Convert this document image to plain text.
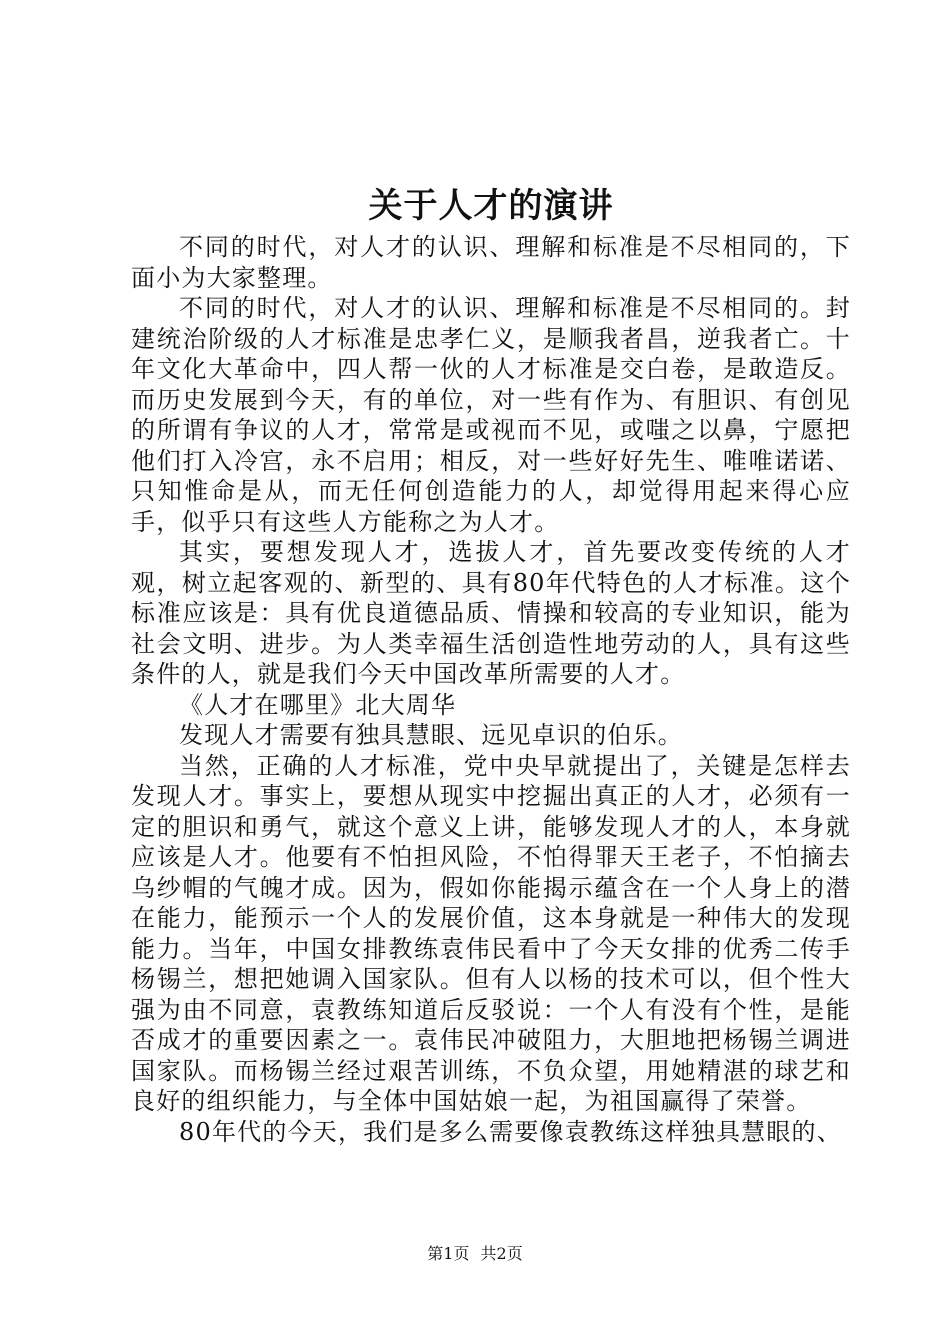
关于人才的演讲

不同的时代，对人才的认识、理解和标准是不尽相同的，下面小为大家整理。

不同的时代，对人才的认识、理解和标准是不尽相同的。封建统治阶级的人才标准是忠孝仁义，是顺我者昌，逆我者亡。十年文化大革命中，四人帮一伙的人才标准是交白卷，是敢造反。而历史发展到今天，有的单位，对一些有作为、有胆识、有创见的所谓有争议的人才，常常是或视而不见，或嗤之以鼻，宁愿把他们打入冷宫，永不启用；相反，对一些好好先生、唯唯诺诺、只知惟命是从，而无任何创造能力的人，却觉得用起来得心应手，似乎只有这些人方能称之为人才。

其实，要想发现人才，选拔人才，首先要改变传统的人才观，树立起客观的、新型的、具有80年代特色的人才标准。这个标准应该是：具有优良道德品质、情操和较高的专业知识，能为社会文明、进步。为人类幸福生活创造性地劳动的人，具有这些条件的人，就是我们今天中国改革所需要的人才。

《人才在哪里》北大周华

发现人才需要有独具慧眼、远见卓识的伯乐。

当然，正确的人才标准，党中央早就提出了，关键是怎样去发现人才。事实上，要想从现实中挖掘出真正的人才，必须有一定的胆识和勇气，就这个意义上讲，能够发现人才的人，本身就应该是人才。他要有不怕担风险，不怕得罪天王老子，不怕摘去乌纱帽的气魄才成。因为，假如你能揭示蕴含在一个人身上的潜在能力，能预示一个人的发展价值，这本身就是一种伟大的发现能力。当年，中国女排教练袁伟民看中了今天女排的优秀二传手杨锡兰，想把她调入国家队。但有人以杨的技术可以，但个性大强为由不同意，袁教练知道后反驳说：一个人有没有个性，是能否成才的重要因素之一。袁伟民冲破阻力，大胆地把杨锡兰调进国家队。而杨锡兰经过艰苦训练，不负众望，用她精湛的球艺和良好的组织能力，与全体中国姑娘一起，为祖国赢得了荣誉。

80年代的今天，我们是多么需要像袁教练这样独具慧眼的、

第1页 共2页
